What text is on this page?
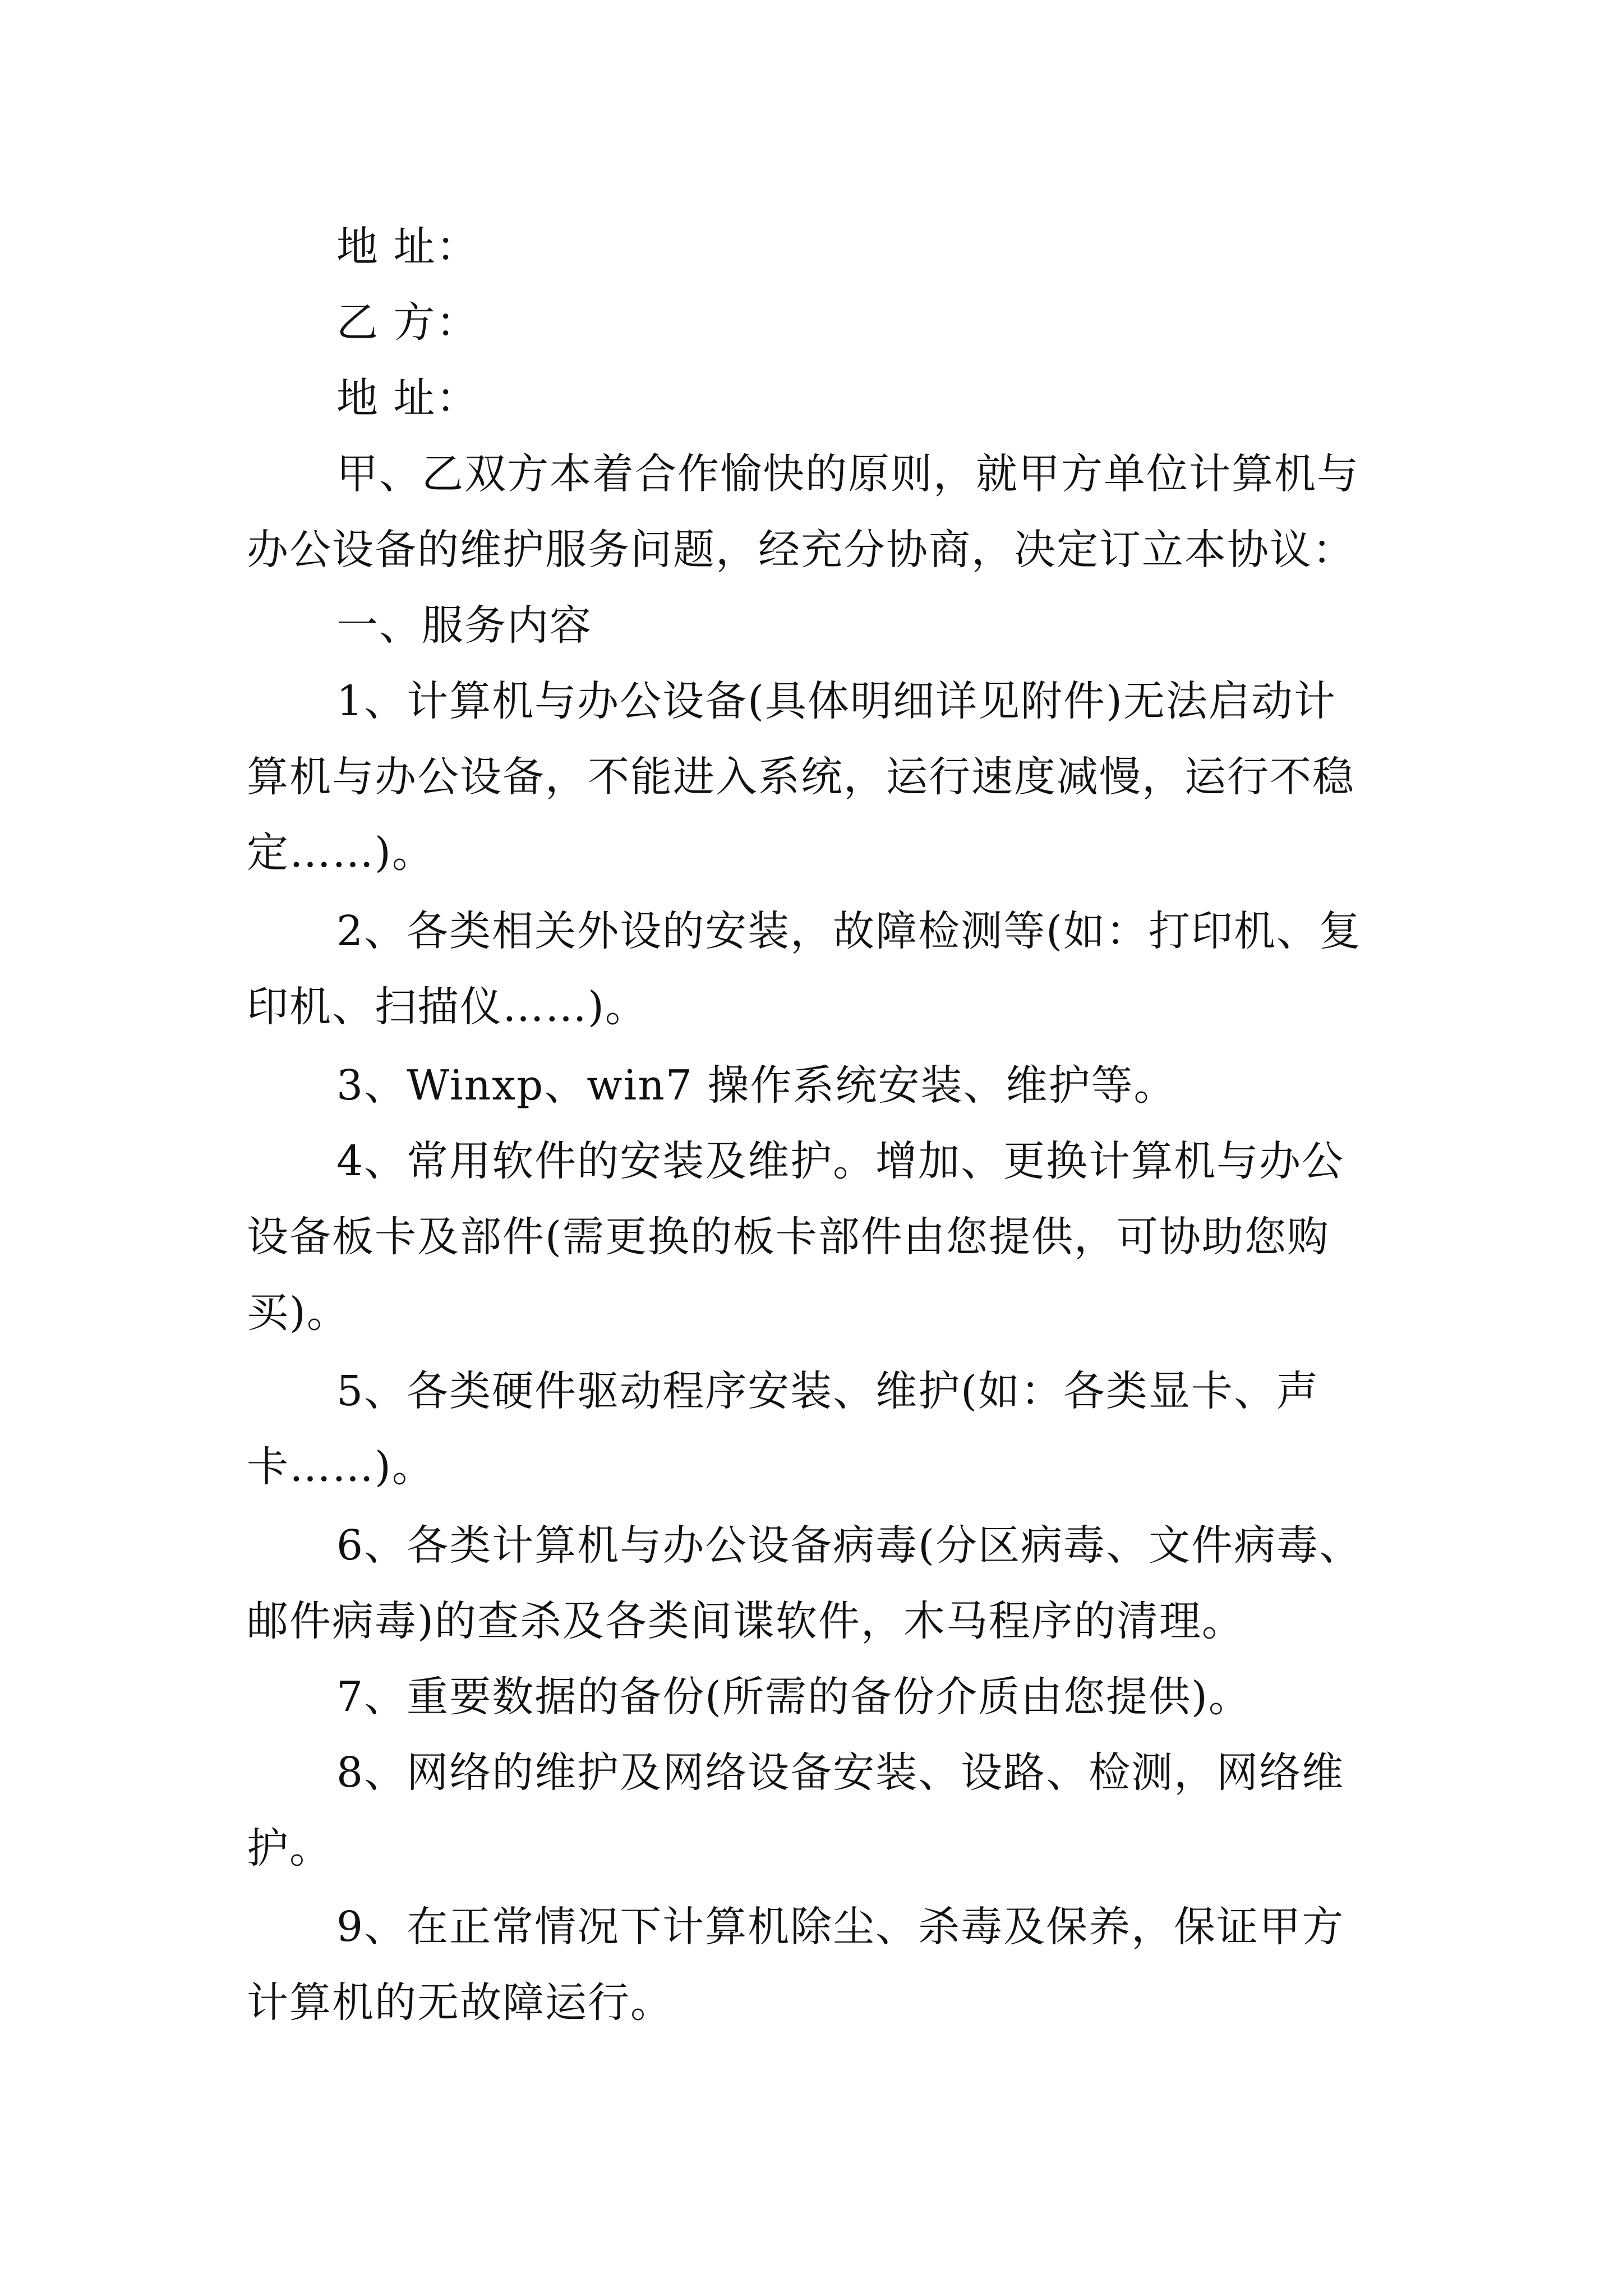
地 址：
乙 方：
地 址：
甲、乙双方本着合作愉快的原则，就甲方单位计算机与
办公设备的维护服务问题，经充分协商，决定订立本协议：
一、服务内容
1、计算机与办公设备(具体明细详见附件)无法启动计
算机与办公设备，不能进入系统，运行速度减慢，运行不稳
定……)。
2、各类相关外设的安装，故障检测等(如：打印机、复
印机、扫描仪……)。
3、Winxp、win7 操作系统安装、维护等。
4、常用软件的安装及维护。增加、更换计算机与办公
设备板卡及部件(需更换的板卡部件由您提供，可协助您购
买)。
5、各类硬件驱动程序安装、维护(如：各类显卡、声
卡……)。
6、各类计算机与办公设备病毒(分区病毒、文件病毒、
邮件病毒)的查杀及各类间谍软件，木马程序的清理。
7、重要数据的备份(所需的备份介质由您提供)。
8、网络的维护及网络设备安装、设路、检测，网络维
护。
9、在正常情况下计算机除尘、杀毒及保养，保证甲方
计算机的无故障运行。
